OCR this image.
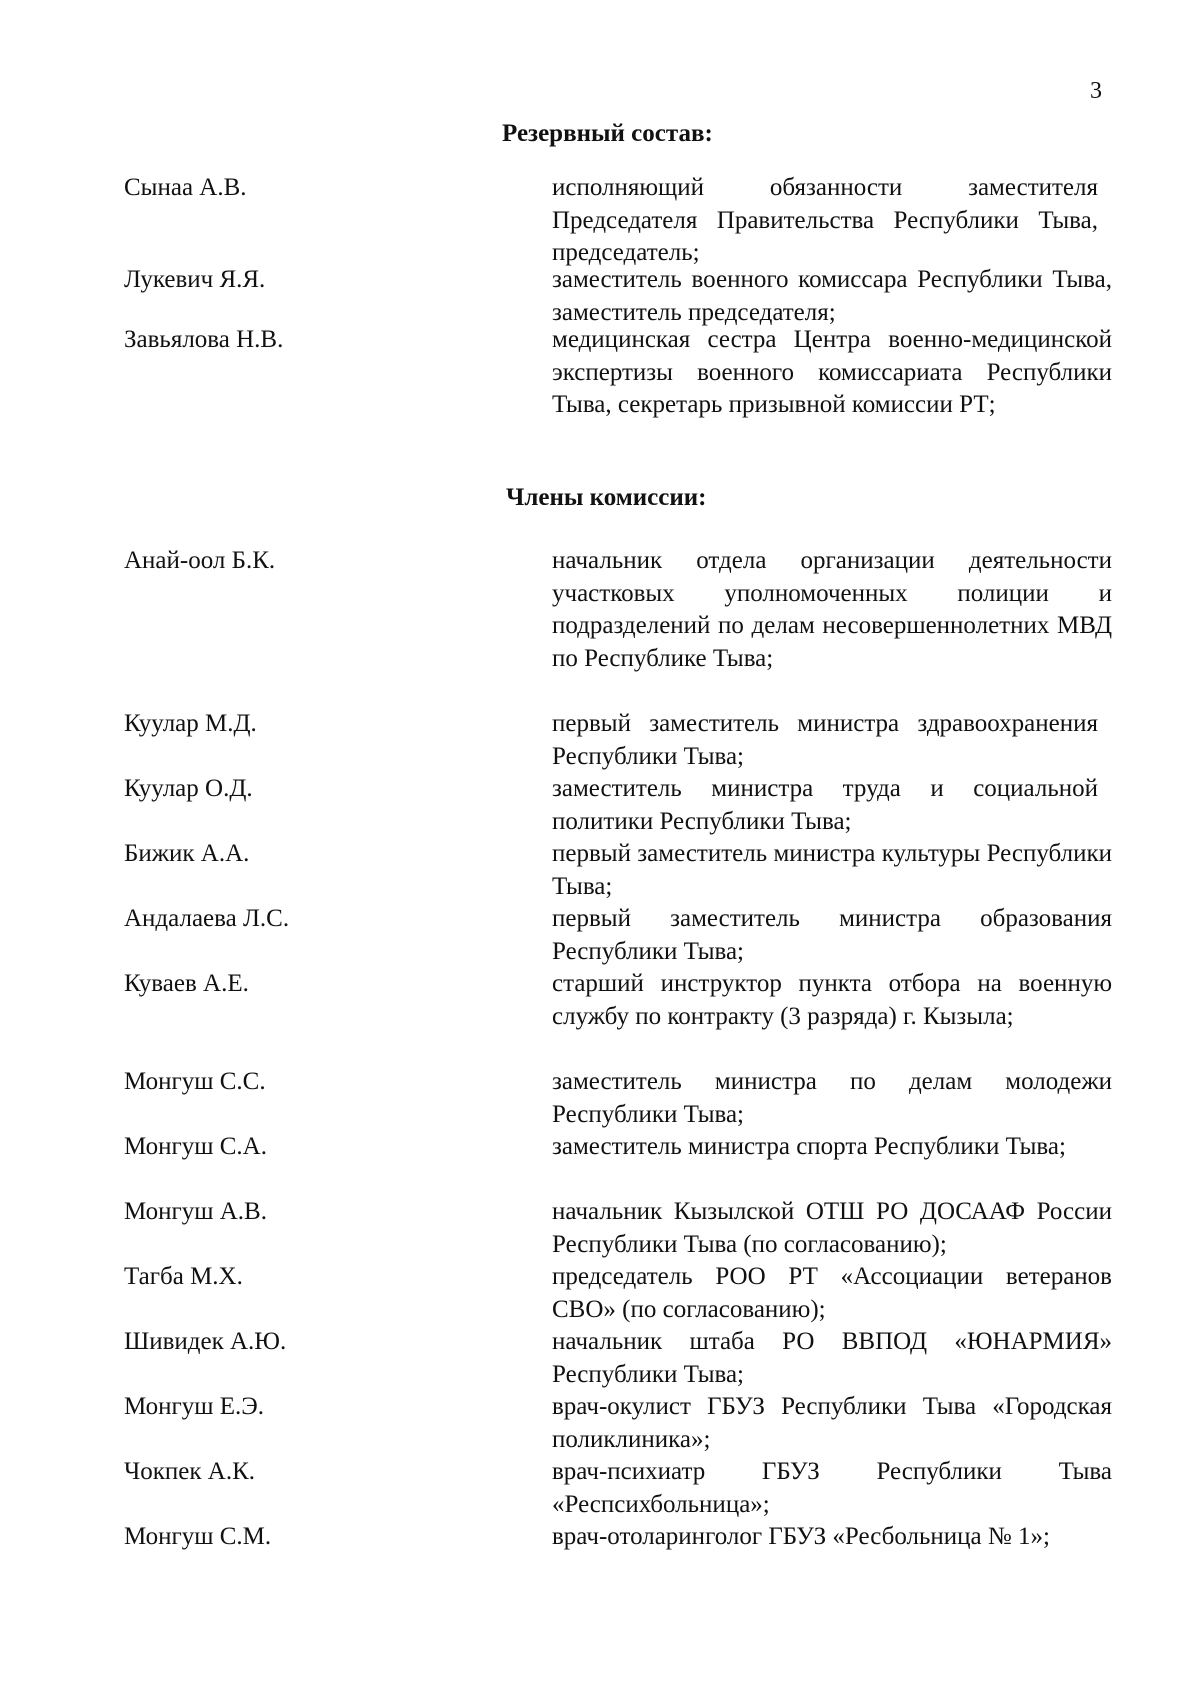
3
Резервный состав:
Сынаа А.В.	исполняющий обязанности заместителя Председателя Правительства Республики Тыва, председатель;
Лукевич Я.Я.	заместитель военного комиссара Республики Тыва, заместитель председателя;
Завьялова Н.В.	медицинская сестра Центра военно-медицинской экспертизы военного комиссариата Республики Тыва, секретарь призывной комиссии РТ;
Члены комиссии:
Анай-оол Б.К.	начальник отдела организации деятельности участковых уполномоченных полиции и подразделений по делам несовершеннолетних МВД по Республике Тыва;
Куулар М.Д.	первый заместитель министра здравоохранения Республики Тыва;
Куулар О.Д.	заместитель министра труда и социальной политики Республики Тыва;
Бижик А.А.	первый заместитель министра культуры Республики Тыва;
Андалаева Л.С.	первый заместитель министра образования Республики Тыва;
Куваев А.Е.	старший инструктор пункта отбора на военную службу по контракту (3 разряда) г. Кызыла;
Монгуш С.С.	заместитель министра по делам молодежи Республики Тыва;
Монгуш С.А.	заместитель министра спорта Республики Тыва;
Монгуш А.В.	начальник Кызылской ОТШ РО ДОСААФ России Республики Тыва (по согласованию);
Тагба М.Х.	председатель РОО РТ «Ассоциации ветеранов СВО» (по согласованию);
Шивидек А.Ю.	начальник штаба РО ВВПОД «ЮНАРМИЯ» Республики Тыва;
Монгуш Е.Э.	врач-окулист ГБУЗ Республики Тыва «Городская поликлиника»;
Чокпек А.К.	врач-психиатр ГБУЗ Республики Тыва «Респсихбольница»;
Монгуш С.М.	врач-отоларинголог ГБУЗ «Ресбольница № 1»;
